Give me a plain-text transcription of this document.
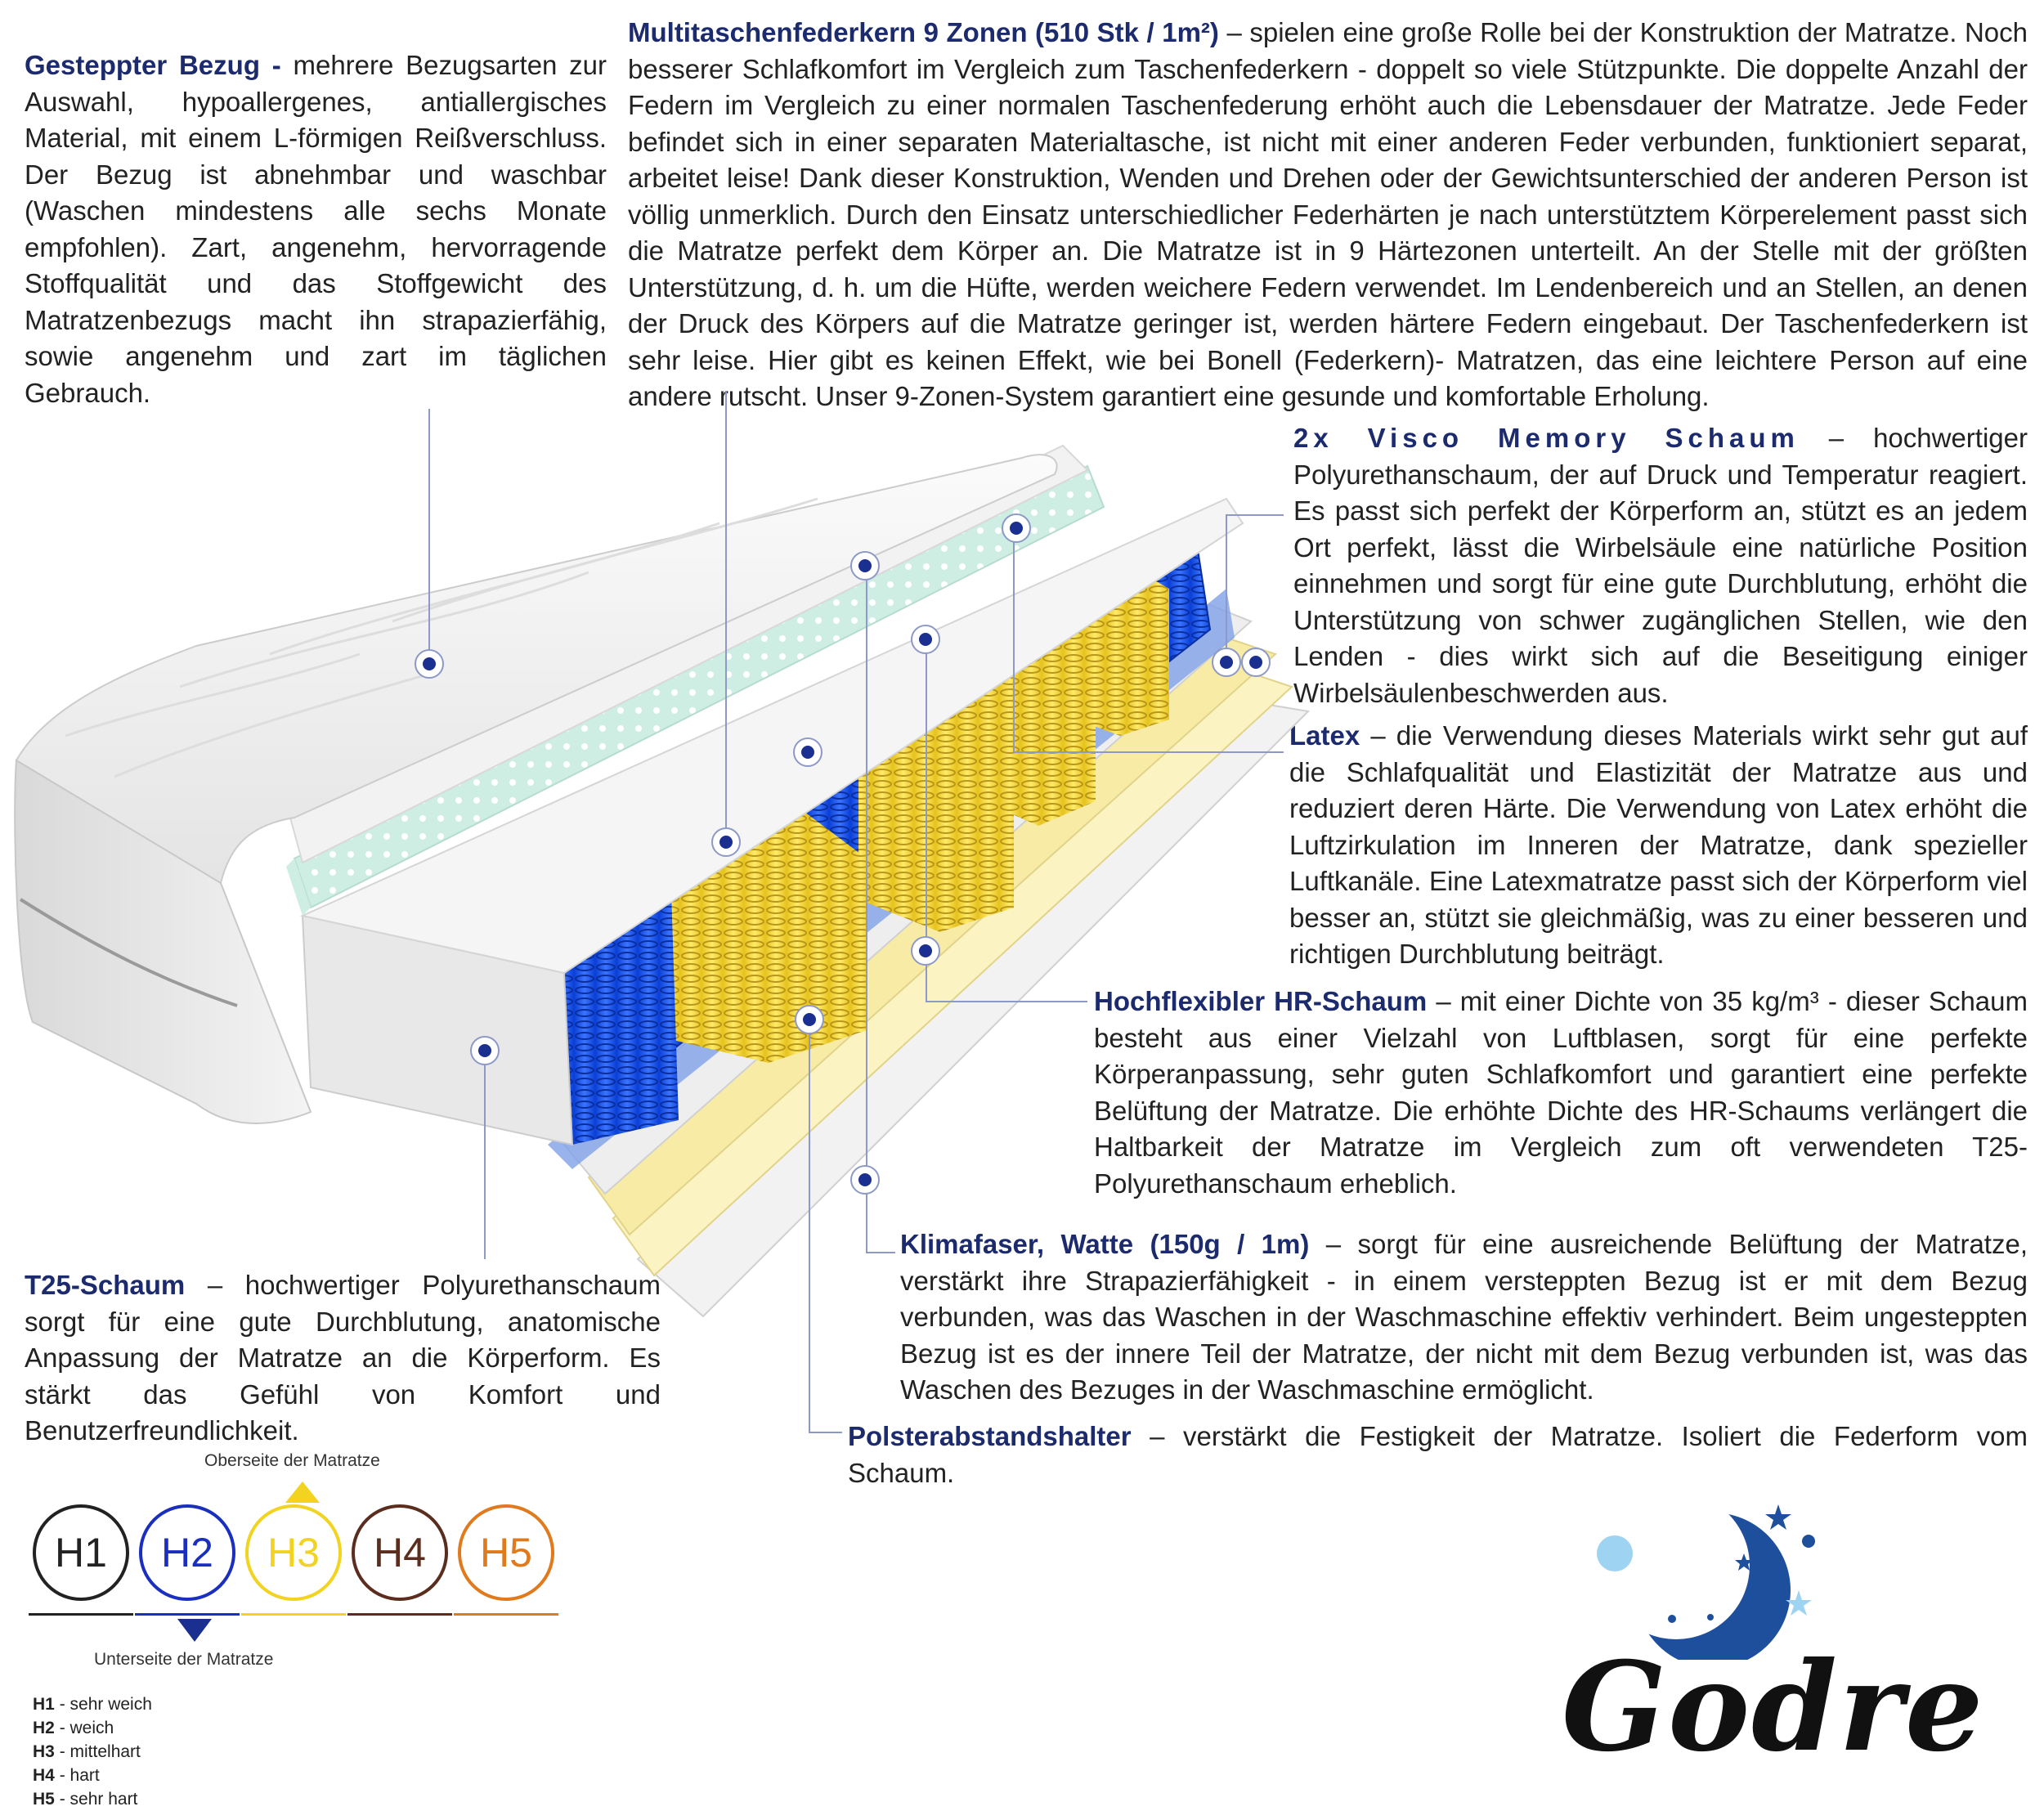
Gesteppter Bezug - mehrere Bezugsarten zur Auswahl, hypoallergenes, antiallergisches Material, mit einem L-förmigen Reißverschluss. Der Bezug ist abnehmbar und waschbar (Waschen mindestens alle sechs Monate empfohlen). Zart, angenehm, hervorragende Stoffqualität und das Stoffgewicht des Matratzenbezugs macht ihn strapazierfähig, sowie angenehm und zart im täglichen Gebrauch.
Multitaschenfederkern 9 Zonen (510 Stk / 1m²) – spielen eine große Rolle bei der Konstruktion der Matratze. Noch besserer Schlafkomfort im Vergleich zum Taschenfederkern - doppelt so viele Stützpunkte. Die doppelte Anzahl der Federn im Vergleich zu einer normalen Taschenfederung erhöht auch die Lebensdauer der Matratze. Jede Feder befindet sich in einer separaten Materialtasche, ist nicht mit einer anderen Feder verbunden, funktioniert separat, arbeitet leise! Dank dieser Konstruktion, Wenden und Drehen oder der Gewichtsunterschied der anderen Person ist völlig unmerklich. Durch den Einsatz unterschiedlicher Federhärten je nach unterstütztem Körperelement passt sich die Matratze perfekt dem Körper an. Die Matratze ist in 9 Härtezonen unterteilt. An der Stelle mit der größten Unterstützung, d. h. um die Hüfte, werden weichere Federn verwendet. Im Lendenbereich und an Stellen, an denen der Druck des Körpers auf die Matratze geringer ist, werden härtere Federn eingebaut. Der Taschenfederkern ist sehr leise. Hier gibt es keinen Effekt, wie bei Bonell (Federkern)- Matratzen, das eine leichtere Person auf eine andere rutscht. Unser 9-Zonen-System garantiert eine gesunde und komfortable Erholung.
2x Visco Memory Schaum – hochwertiger Polyurethanschaum, der auf Druck und Temperatur reagiert. Es passt sich perfekt der Körperform an, stützt es an jedem Ort perfekt, lässt die Wirbelsäule eine natürliche Position einnehmen und sorgt für eine gute Durchblutung, erhöht die Unterstützung von schwer zugänglichen Stellen, wie den Lenden - dies wirkt sich auf die Beseitigung einiger Wirbelsäulenbeschwerden aus.
Latex – die Verwendung dieses Materials wirkt sehr gut auf die Schlafqualität und Elastizität der Matratze aus und reduziert deren Härte. Die Verwendung von Latex erhöht die Luftzirkulation im Inneren der Matratze, dank spezieller Luftkanäle. Eine Latexmatratze passt sich der Körperform viel besser an, stützt sie gleichmäßig, was zu einer besseren und richtigen Durchblutung beiträgt.
Hochflexibler HR-Schaum – mit einer Dichte von 35 kg/m³ - dieser Schaum besteht aus einer Vielzahl von Luftblasen, sorgt für eine perfekte Körperanpassung, sehr guten Schlafkomfort und garantiert eine perfekte Belüftung der Matratze. Die erhöhte Dichte des HR-Schaums verlängert die Haltbarkeit der Matratze im Vergleich zum oft verwendeten T25-Polyurethanschaum erheblich.
Klimafaser, Watte (150g / 1m) – sorgt für eine ausreichende Belüftung der Matratze, verstärkt ihre Strapazierfähigkeit - in einem versteppten Bezug ist er mit dem Bezug verbunden, was das Waschen in der Waschmaschine effektiv verhindert. Beim ungesteppten Bezug ist es der innere Teil der Matratze, der nicht mit dem Bezug verbunden ist, was das Waschen des Bezuges in der Waschmaschine ermöglicht.
Polsterabstandshalter – verstärkt die Festigkeit der Matratze. Isoliert die Federform vom Schaum.
T25-Schaum – hochwertiger Polyurethanschaum sorgt für eine gute Durchblutung, anatomische Anpassung der Matratze an die Körperform. Es stärkt das Gefühl von Komfort und Benutzerfreundlichkeit.
Oberseite der Matratze
H1	H2	H3	H4	H5
Unterseite der Matratze
H1 - sehr weich
H2 - weich
H3 - mittelhart
H4 - hart
H5 - sehr hart
Godre
